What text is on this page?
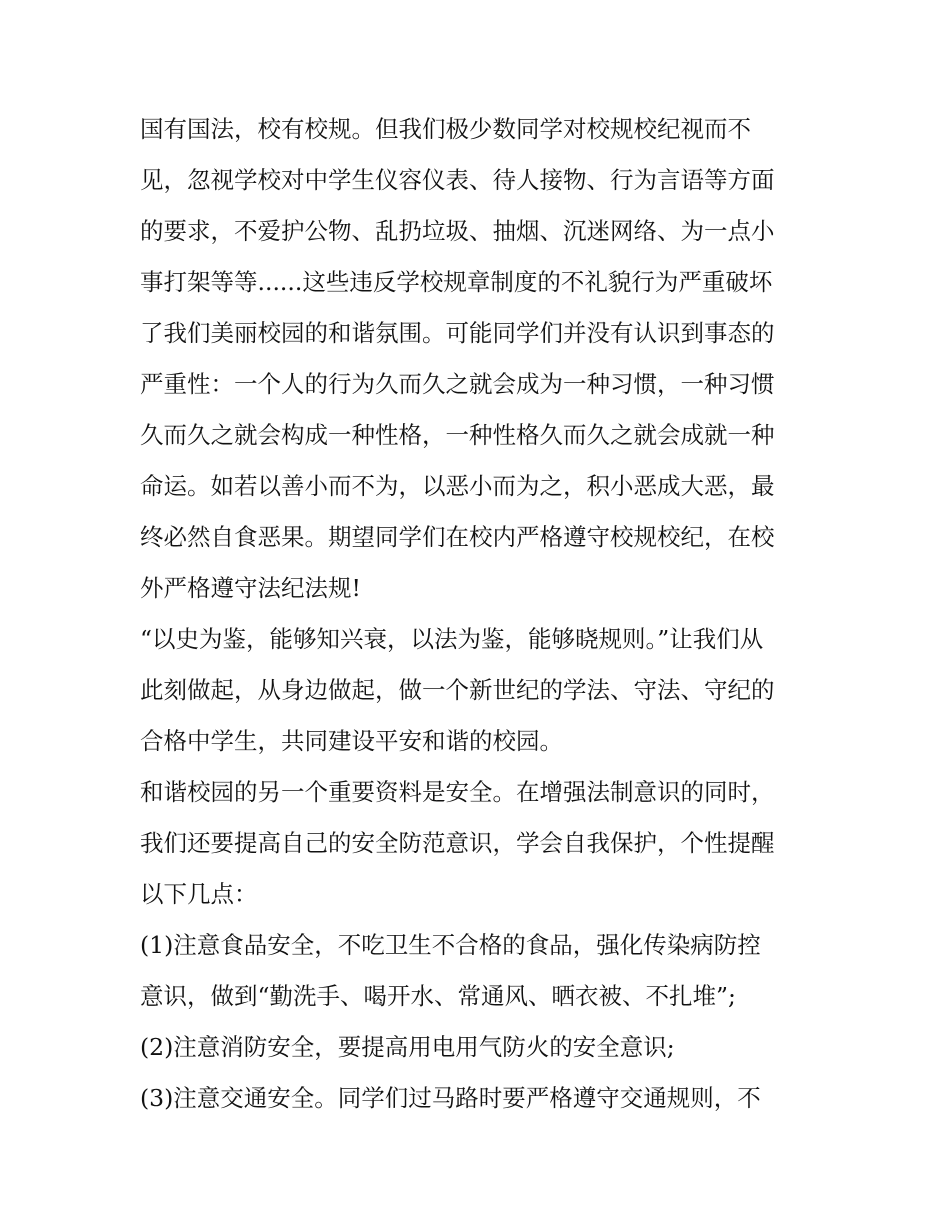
国有国法，校有校规。但我们极少数同学对校规校纪视而不
见，忽视学校对中学生仪容仪表、待人接物、行为言语等方面
的要求，不爱护公物、乱扔垃圾、抽烟、沉迷网络、为一点小
事打架等等......这些违反学校规章制度的不礼貌行为严重破坏
了我们美丽校园的和谐氛围。可能同学们并没有认识到事态的
严重性：一个人的行为久而久之就会成为一种习惯，一种习惯
久而久之就会构成一种性格，一种性格久而久之就会成就一种
命运。如若以善小而不为，以恶小而为之，积小恶成大恶，最
终必然自食恶果。期望同学们在校内严格遵守校规校纪，在校
外严格遵守法纪法规!
“以史为鉴，能够知兴衰，以法为鉴，能够晓规则。”让我们从
此刻做起，从身边做起，做一个新世纪的学法、守法、守纪的
合格中学生，共同建设平安和谐的校园。
和谐校园的另一个重要资料是安全。在增强法制意识的同时，
我们还要提高自己的安全防范意识，学会自我保护，个性提醒
以下几点：
(1)注意食品安全，不吃卫生不合格的食品，强化传染病防控
意识，做到“勤洗手、喝开水、常通风、晒衣被、不扎堆”;
(2)注意消防安全，要提高用电用气防火的安全意识;
(3)注意交通安全。同学们过马路时要严格遵守交通规则，不
